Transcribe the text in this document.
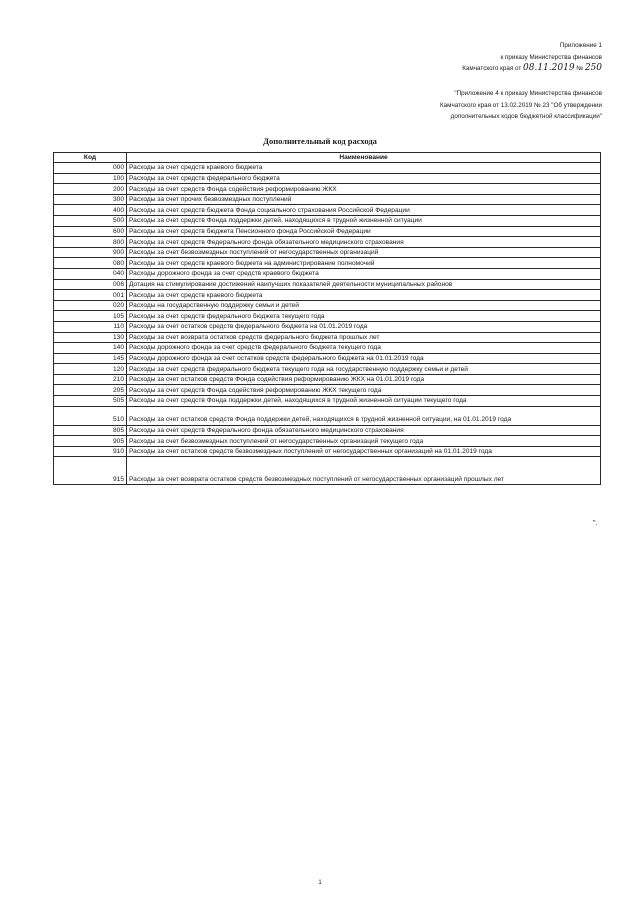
Приложение 1
к приказу Министерства финансов
Камчатского края от 08.11.2019 № 250
"Приложение 4 к приказу Министерства финансов
Камчатского края от 13.02.2019 № 23 "Об утверждении
дополнительных кодов бюджетной классификации"
Дополнительный код расхода
Код	Наименование
000	Расходы за счет средств краевого бюджета
100	Расходы за счет средств федерального бюджета
200	Расходы за счет средств Фонда содействия реформированию ЖКХ
300	Расходы за счет прочих безвозмездных поступлений
400	Расходы за счет средств бюджета Фонда социального страхования Российской Федерации
500	Расходы за счет средств Фонда поддержки детей, находящихся в трудной жизненной ситуации
600	Расходы за счет средств бюджета Пенсионного фонда Российской Федерации
800	Расходы за счет средств Федерального фонда обязательного медицинского страхования
900	Расходы за счет безвозмездных поступлений от негосударственных организаций
080	Расходы за счет средств краевого бюджета на администрирование полномочий
040	Расходы дорожного фонда за счет средств краевого бюджета
006	Дотация на стимулирование достижений наилучших показателей деятельности муниципальных районов
001	Расходы за счет средств краевого бюджета
020	Расходы на государственную поддержку семьи и детей
105	Расходы за счет средств федерального бюджета текущего года
110	Расходы за счет остатков средств федерального бюджета на 01.01.2019 года
130	Расходы за счет возврата остатков средств федерального бюджета прошлых лет
140	Расходы дорожного фонда за счет средств федерального бюджета текущего года
145	Расходы дорожного фонда за счет остатков средств федерального бюджета на 01.01.2019 года
120	Расходы за счет средств федерального бюджета текущего года на государственную поддержку семьи и детей
210	Расходы за счет остатков средств Фонда содействия реформированию ЖКХ на 01.01.2019 года
205	Расходы за счет средств Фонда содействия реформированию ЖКХ текущего года
505	Расходы за счет средств Фонда поддержки детей, находящихся в трудной жизненной ситуации текущего года
510	Расходы за счет остатков средств Фонда поддержки детей, находящихся в трудной жизненной ситуации, на 01.01.2019 года
805	Расходы за счет средств Федерального фонда обязательного медицинского страхования
905	Расходы за счет безвозмездных поступлений от негосударственных организаций текущего года
910	Расходы за счет остатков средств безвозмездных поступлений от негосударственных организаций на 01.01.2019 года
915	Расходы за счет возврата остатков средств безвозмездных поступлений от негосударственных организаций прошлых лет
".
1
